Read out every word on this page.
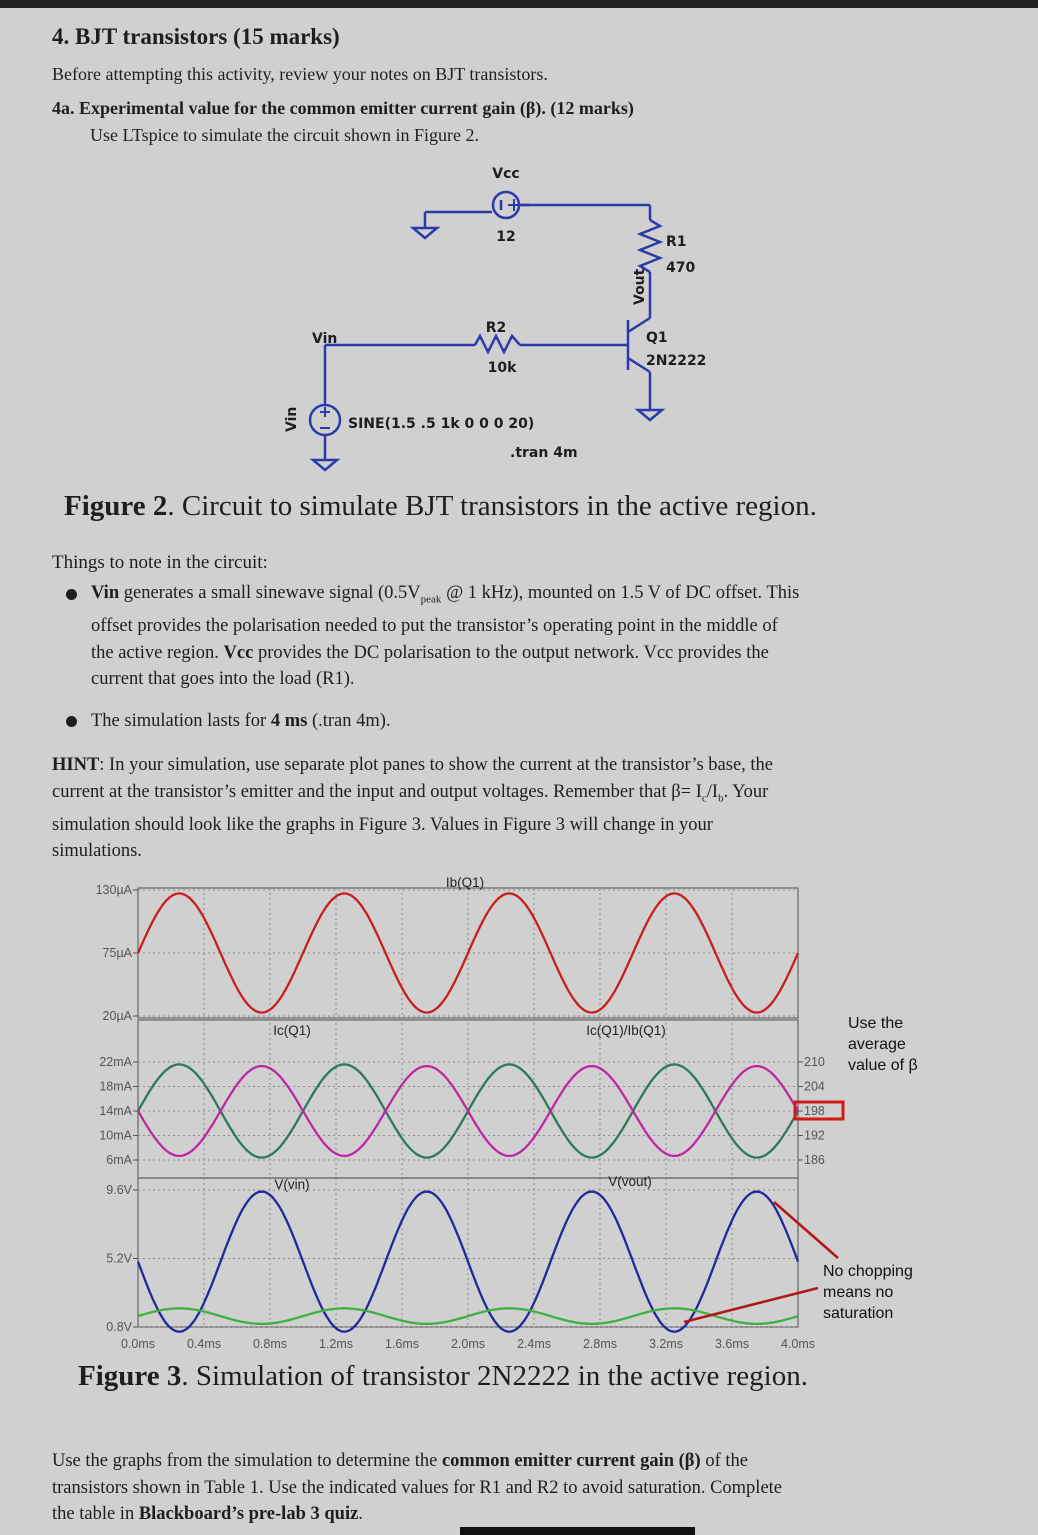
4. BJT transistors (15 marks)
Before attempting this activity, review your notes on BJT transistors.
4a. Experimental value for the common emitter current gain (β). (12 marks)
Use LTspice to simulate the circuit shown in Figure 2.
Vcc
12	R1
470
Vout
R2
10k
Vin
Vin
Q1
2N2222
SINE(1.5 .5 1k 0 0 0 20)
.tran 4m
Figure 2. Circuit to simulate BJT transistors in the active region.
Things to note in the circuit:
Vin generates a small sinewave signal ($0.5V_{peak}$ @ 1 kHz), mounted on 1.5 V of DC offset. This
offset provides the polarisation needed to put the transistor’s operating point in the middle of
the active region. Vcc provides the DC polarisation to the output network. Vcc provides the
current that goes into the load (R1).
The simulation lasts for 4 ms (.tran 4m).
HINT: In your simulation, use separate plot panes to show the current at the transistor’s base, the
current at the transistor’s emitter and the input and output voltages. Remember that $\beta= I_c/I_b$. Your
simulation should look like the graphs in Figure 3. Values in Figure 3 will change in your
simulations.
0.0ms	0.4ms	0.8ms	1.2ms	1.6ms	2.0ms	2.4ms	2.8ms	3.2ms	3.6ms	4.0ms
130µA
75µA
20µA
22mA
18mA
14mA
10mA
6mA
210
204
198
192
186
9.6V
5.2V
0.8V
Ib(Q1)
Ic(Q1)	Ic(Q1)/Ib(Q1)
V(vin)	V(vout)
Use the
average
value of β
No chopping
means no
saturation
Figure 3. Simulation of transistor 2N2222 in the active region.
Use the graphs from the simulation to determine the common emitter current gain (β) of the
transistors shown in Table 1. Use the indicated values for R1 and R2 to avoid saturation. Complete
the table in Blackboard’s pre-lab 3 quiz.
